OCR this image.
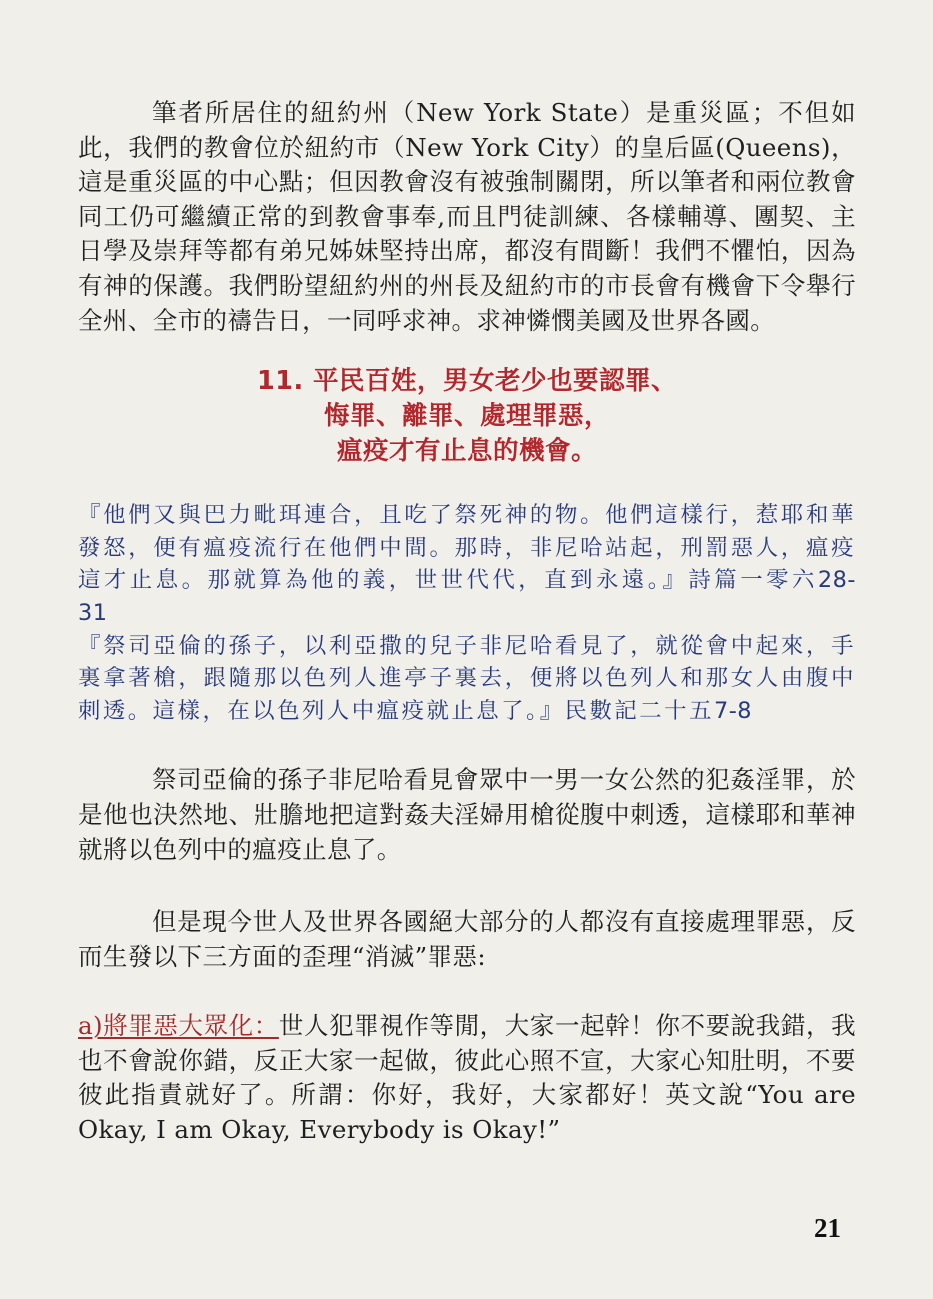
筆者所居住的紐約州（New York State）是重災區；不但如此，我們的教會位於紐約市（New York City）的皇后區(Queens)，這是重災區的中心點；但因教會沒有被強制關閉，所以筆者和兩位教會同工仍可繼續正常的到教會事奉,而且門徒訓練、各樣輔導、團契、主日學及崇拜等都有弟兄姊妹堅持出席，都沒有間斷！我們不懼怕，因為有神的保護。我們盼望紐約州的州長及紐約市的市長會有機會下令舉行全州、全市的禱告日，一同呼求神。求神憐憫美國及世界各國。

11. 平民百姓，男女老少也要認罪、
悔罪、離罪、處理罪惡，
瘟疫才有止息的機會。
『他們又與巴力毗珥連合，且吃了祭死神的物。他們這樣行，惹耶和華發怒，便有瘟疫流行在他們中間。那時，非尼哈站起，刑罰惡人，瘟疫這才止息。那就算為他的義，世世代代，直到永遠。』詩篇一零六28-31
『祭司亞倫的孫子，以利亞撒的兒子非尼哈看見了，就從會中起來，手裏拿著槍，跟隨那以色列人進亭子裏去，便將以色列人和那女人由腹中刺透。這樣，在以色列人中瘟疫就止息了。』民數記二十五7-8

祭司亞倫的孫子非尼哈看見會眾中一男一女公然的犯姦淫罪，於是他也決然地、壯膽地把這對姦夫淫婦用槍從腹中刺透，這樣耶和華神就將以色列中的瘟疫止息了。

但是現今世人及世界各國絕大部分的人都沒有直接處理罪惡，反而生發以下三方面的歪理“消滅”罪惡:

a)將罪惡大眾化：世人犯罪視作等閒，大家一起幹！你不要說我錯，我也不會說你錯，反正大家一起做，彼此心照不宣，大家心知肚明，不要彼此指責就好了。所謂：你好，我好，大家都好！英文說“You are Okay, I am Okay, Everybody is Okay!”

21
